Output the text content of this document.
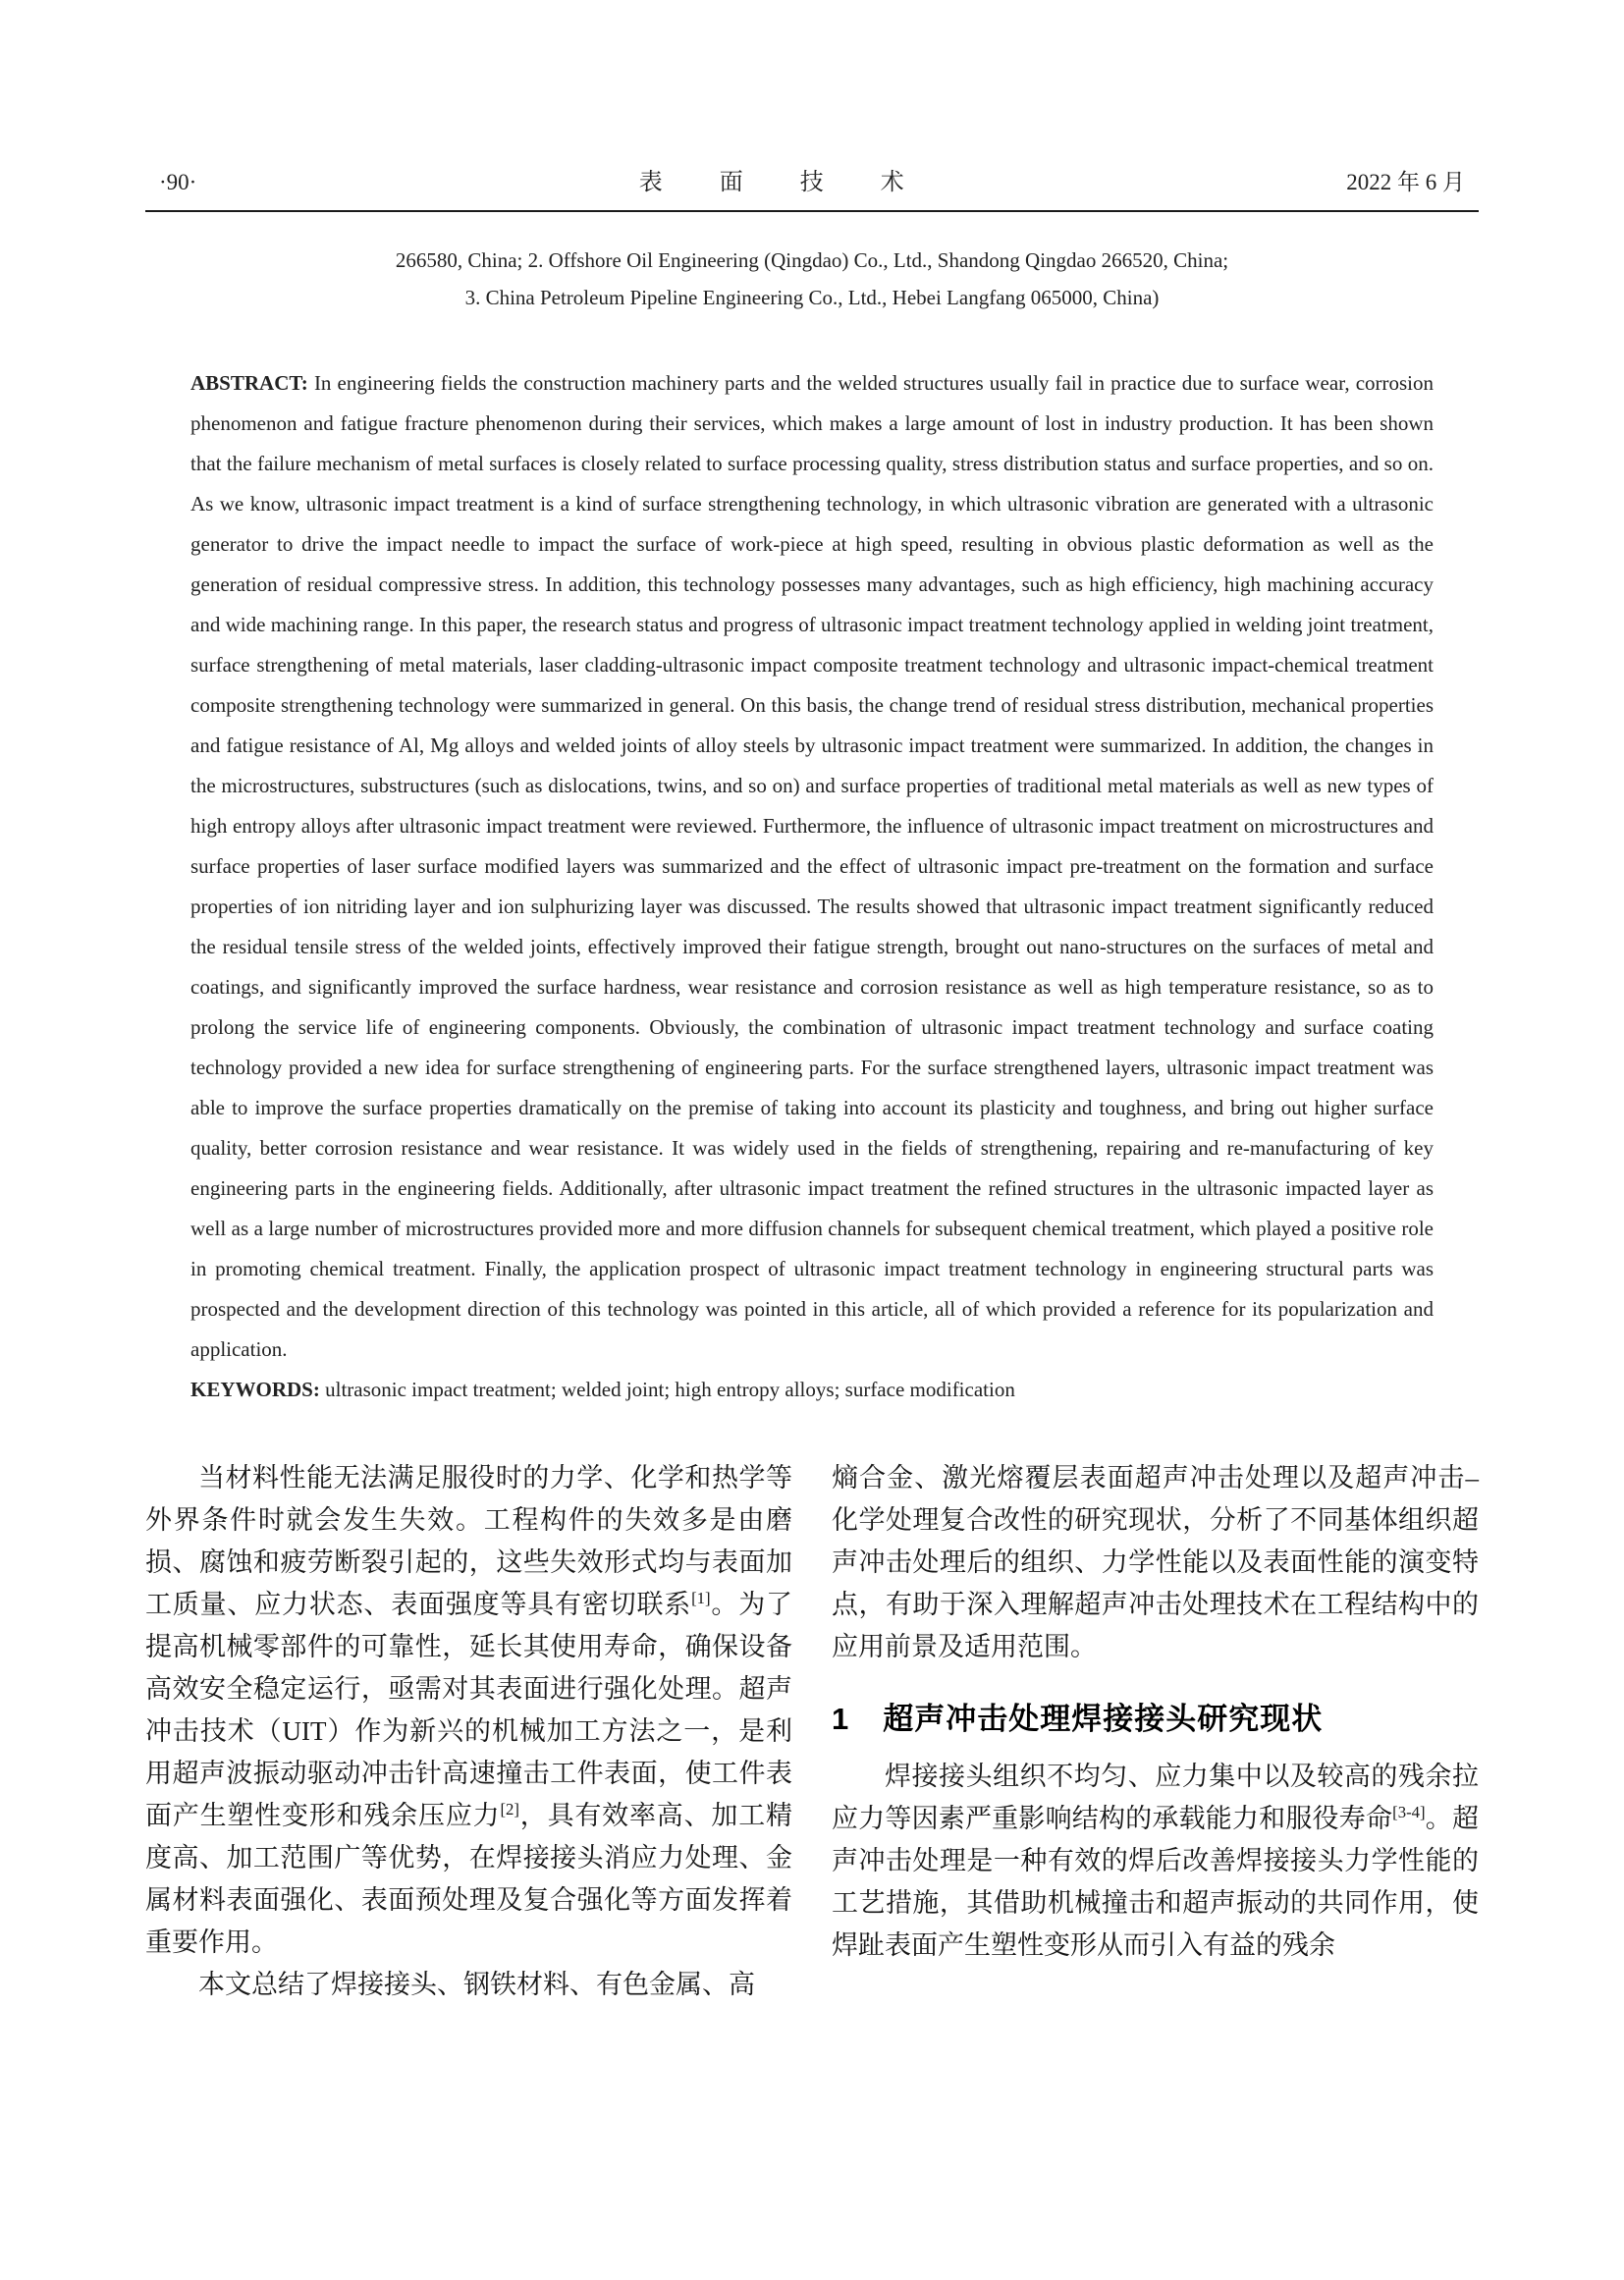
·90·	表 面 技 术	2022 年 6 月
266580, China; 2. Offshore Oil Engineering (Qingdao) Co., Ltd., Shandong Qingdao 266520, China;
3. China Petroleum Pipeline Engineering Co., Ltd., Hebei Langfang 065000, China)

ABSTRACT: In engineering fields the construction machinery parts and the welded structures usually fail in practice due to surface wear, corrosion phenomenon and fatigue fracture phenomenon during their services, which makes a large amount of lost in industry production. It has been shown that the failure mechanism of metal surfaces is closely related to surface processing quality, stress distribution status and surface properties, and so on. As we know, ultrasonic impact treatment is a kind of surface strengthening technology, in which ultrasonic vibration are generated with a ultrasonic generator to drive the impact needle to impact the surface of work-piece at high speed, resulting in obvious plastic deformation as well as the generation of residual compressive stress. In addition, this technology possesses many advantages, such as high efficiency, high machining accuracy and wide machining range. In this paper, the research status and progress of ultrasonic impact treatment technology applied in welding joint treatment, surface strengthening of metal materials, laser cladding-ultrasonic impact composite treatment technology and ultrasonic impact-chemical treatment composite strengthening technology were summarized in general. On this basis, the change trend of residual stress distribution, mechanical properties and fatigue resistance of Al, Mg alloys and welded joints of alloy steels by ultrasonic impact treatment were summarized. In addition, the changes in the microstructures, substructures (such as dislocations, twins, and so on) and surface properties of traditional metal materials as well as new types of high entropy alloys after ultrasonic impact treatment were reviewed. Furthermore, the influence of ultrasonic impact treatment on microstructures and surface properties of laser surface modified layers was summarized and the effect of ultrasonic impact pre-treatment on the formation and surface properties of ion nitriding layer and ion sulphurizing layer was discussed. The results showed that ultrasonic impact treatment significantly reduced the residual tensile stress of the welded joints, effectively improved their fatigue strength, brought out nano-structures on the surfaces of metal and coatings, and significantly improved the surface hardness, wear resistance and corrosion resistance as well as high temperature resistance, so as to prolong the service life of engineering components. Obviously, the combination of ultrasonic impact treatment technology and surface coating technology provided a new idea for surface strengthening of engineering parts. For the surface strengthened layers, ultrasonic impact treatment was able to improve the surface properties dramatically on the premise of taking into account its plasticity and toughness, and bring out higher surface quality, better corrosion resistance and wear resistance. It was widely used in the fields of strengthening, repairing and re-manufacturing of key engineering parts in the engineering fields. Additionally, after ultrasonic impact treatment the refined structures in the ultrasonic impacted layer as well as a large number of microstructures provided more and more diffusion channels for subsequent chemical treatment, which played a positive role in promoting chemical treatment. Finally, the application prospect of ultrasonic impact treatment technology in engineering structural parts was prospected and the development direction of this technology was pointed in this article, all of which provided a reference for its popularization and application.

KEYWORDS: ultrasonic impact treatment; welded joint; high entropy alloys; surface modification

当材料性能无法满足服役时的力学、化学和热学等外界条件时就会发生失效。工程构件的失效多是由磨损、腐蚀和疲劳断裂引起的，这些失效形式均与表面加工质量、应力状态、表面强度等具有密切联系[1]。为了提高机械零部件的可靠性，延长其使用寿命，确保设备高效安全稳定运行，亟需对其表面进行强化处理。超声冲击技术（UIT）作为新兴的机械加工方法之一，是利用超声波振动驱动冲击针高速撞击工件表面，使工件表面产生塑性变形和残余压应力[2]，具有效率高、加工精度高、加工范围广等优势，在焊接接头消应力处理、金属材料表面强化、表面预处理及复合强化等方面发挥着重要作用。

本文总结了焊接接头、钢铁材料、有色金属、高

熵合金、激光熔覆层表面超声冲击处理以及超声冲击–化学处理复合改性的研究现状，分析了不同基体组织超声冲击处理后的组织、力学性能以及表面性能的演变特点，有助于深入理解超声冲击处理技术在工程结构中的应用前景及适用范围。

1 超声冲击处理焊接接头研究现状

焊接接头组织不均匀、应力集中以及较高的残余拉应力等因素严重影响结构的承载能力和服役寿命[3-4]。超声冲击处理是一种有效的焊后改善焊接接头力学性能的工艺措施，其借助机械撞击和超声振动的共同作用，使焊趾表面产生塑性变形从而引入有益的残余
